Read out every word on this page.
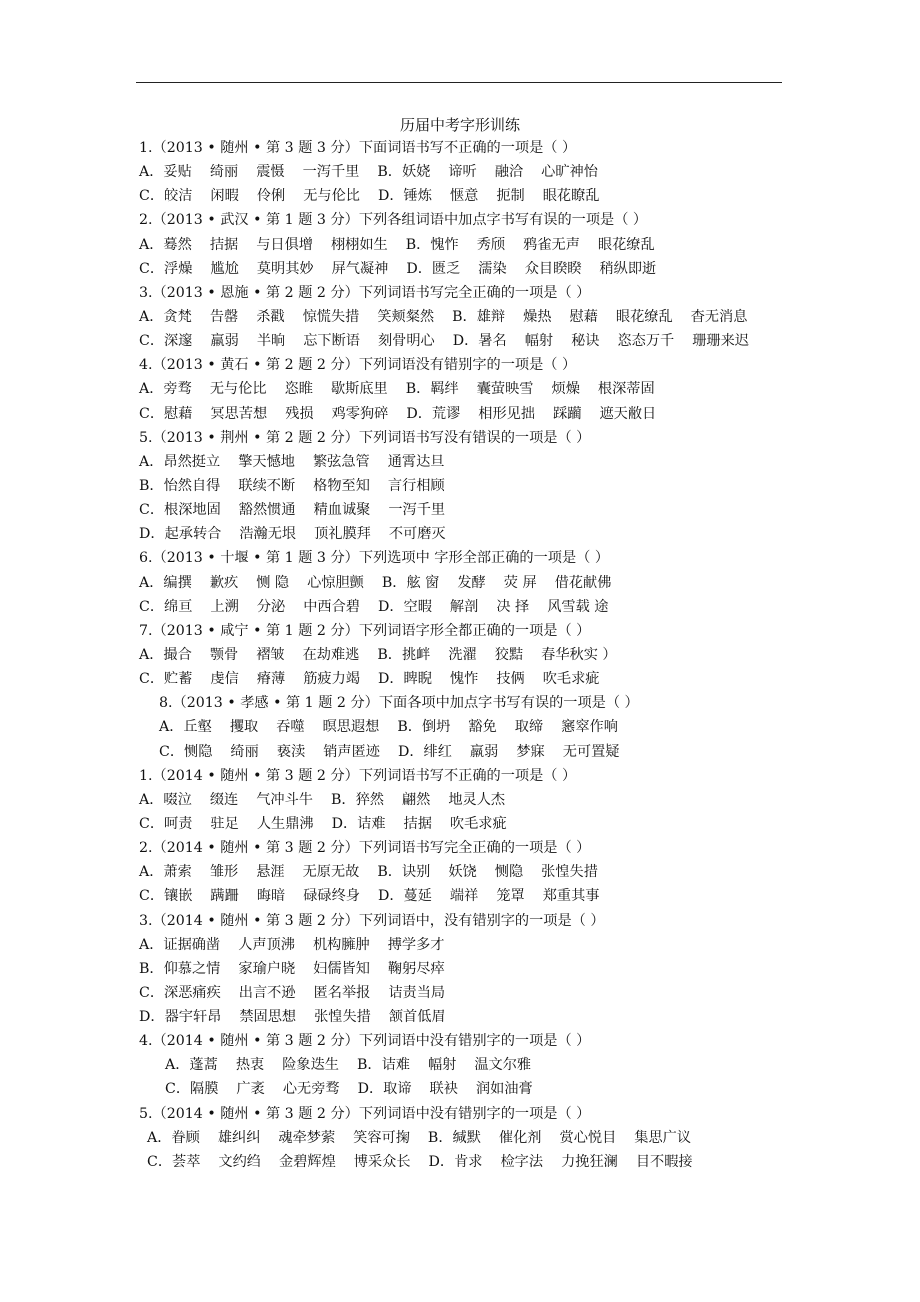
历届中考字形训练
1.（2013 • 随州 • 第 3 题 3 分）下面词语书写不正确的一项是（ ）
A．妥贴 绮丽 震慑 一泻千里 B．妖娆 谛听 融洽 心旷神怡
C．皎洁 闲暇 伶俐 无与伦比 D．锤炼 惬意 扼制 眼花瞭乱
2.（2013 • 武汉 • 第 1 题 3 分）下列各组词语中加点字书写有误的一项是（ ）
A．蓦然 拮据 与日俱增 栩栩如生 B．愧怍 秀颀 鸦雀无声 眼花缭乱
C．浮燥 尴尬 莫明其妙 屏气凝神 D．匮乏 濡染 众目睽睽 稍纵即逝
3.（2013 • 恩施 • 第 2 题 2 分）下列词语书写完全正确的一项是（ ）
A．贪梵 告罄 杀戳 惊慌失措 笑颊粲然 B．雄辩 燥热 慰藉 眼花缭乱 杳无消息
C．深邃 羸弱 半晌 忘下断语 刻骨明心 D．暑名 幅射 秘诀 恣态万千 珊珊来迟
4.（2013 • 黄石 • 第 2 题 2 分）下列词语没有错别字的一项是（ ）
A．旁骛 无与伦比 恣睢 歇斯底里 B．羁绊 囊萤映雪 烦燥 根深蒂固
C．慰藉 冥思苦想 残损 鸡零狗碎 D．荒谬 相形见拙 踩躏 遮天敝日
5.（2013 • 荆州 • 第 2 题 2 分）下列词语书写没有错误的一项是（ ）
A．昂然挺立 擎天憾地 繁弦急管 通霄达旦
B．怡然自得 联续不断 格物至知 言行相顾
C．根深地固 豁然惯通 精血诚聚 一泻千里
D．起承转合 浩瀚无垠 顶礼膜拜 不可磨灭
6.（2013 • 十堰 • 第 1 题 3 分）下列选项中 字形全部正确的一项是（ ）
A．编撰 歉疚 恻 隐 心惊胆颤 B．舷 窗 发酵 荧 屏 借花献佛
C．绵亘 上溯 分泌 中西合碧 D．空暇 解剖 决 择 风雪载 途
7.（2013 • 咸宁 • 第 1 题 2 分）下列词语字形全都正确的一项是（ ）
A．撮合 颚骨 褶皱 在劫难逃 B．挑衅 洗濯 狡黠 春华秋实 ）
C．贮蓄 虔信 瘠薄 筋疲力竭 D．睥睨 愧怍 技俩 吹毛求疵
8.（2013 • 孝感 • 第 1 题 2 分）下面各项中加点字书写有误的一项是（ ）
A．丘壑 攫取 吞噬 暝思遐想 B．倒坍 豁免 取缔 窸窣作响
C．恻隐 绮丽 亵渎 销声匿迹 D．绯红 羸弱 梦寐 无可置疑
1.（2014 • 随州 • 第 3 题 2 分）下列词语书写不正确的一项是（ ）
A．啜泣 缀连 气冲斗牛 B．猝然 翩然 地灵人杰
C．呵责 驻足 人生鼎沸 D．诘难 拮据 吹毛求疵
2.（2014 • 随州 • 第 3 题 2 分）下列词语书写完全正确的一项是（ ）
A．萧索 雏形 悬涯 无原无故 B．诀别 妖饶 恻隐 张惶失措
C．镶嵌 蹒跚 晦暗 碌碌终身 D．蔓延 端祥 笼罩 郑重其事
3.（2014 • 随州 • 第 3 题 2 分）下列词语中，没有错别字的一项是（ ）
A．证据确凿 人声顶沸 机构臃肿 搏学多才
B．仰慕之情 家瑜户晓 妇儒皆知 鞠躬尽瘁
C．深恶痛疾 出言不逊 匿名举报 诘责当局
D．器宇轩昂 禁固思想 张惶失措 颔首低眉
4.（2014 • 随州 • 第 3 题 2 分）下列词语中没有错别字的一项是（ ）
A．蓬蒿 热衷 险象迭生 B．诘难 幅射 温文尔雅
C．隔膜 广袤 心无旁骛 D．取谛 联袂 润如油膏
5.（2014 • 随州 • 第 3 题 2 分）下列词语中没有错别字的一项是（ ）
A．眷顾 雄纠纠 魂牵梦萦 笑容可掬 B．缄默 催化剂 赏心悦目 集思广议
C．荟萃 文约绉 金碧辉煌 博采众长 D．肯求 检字法 力挽狂澜 目不暇接
